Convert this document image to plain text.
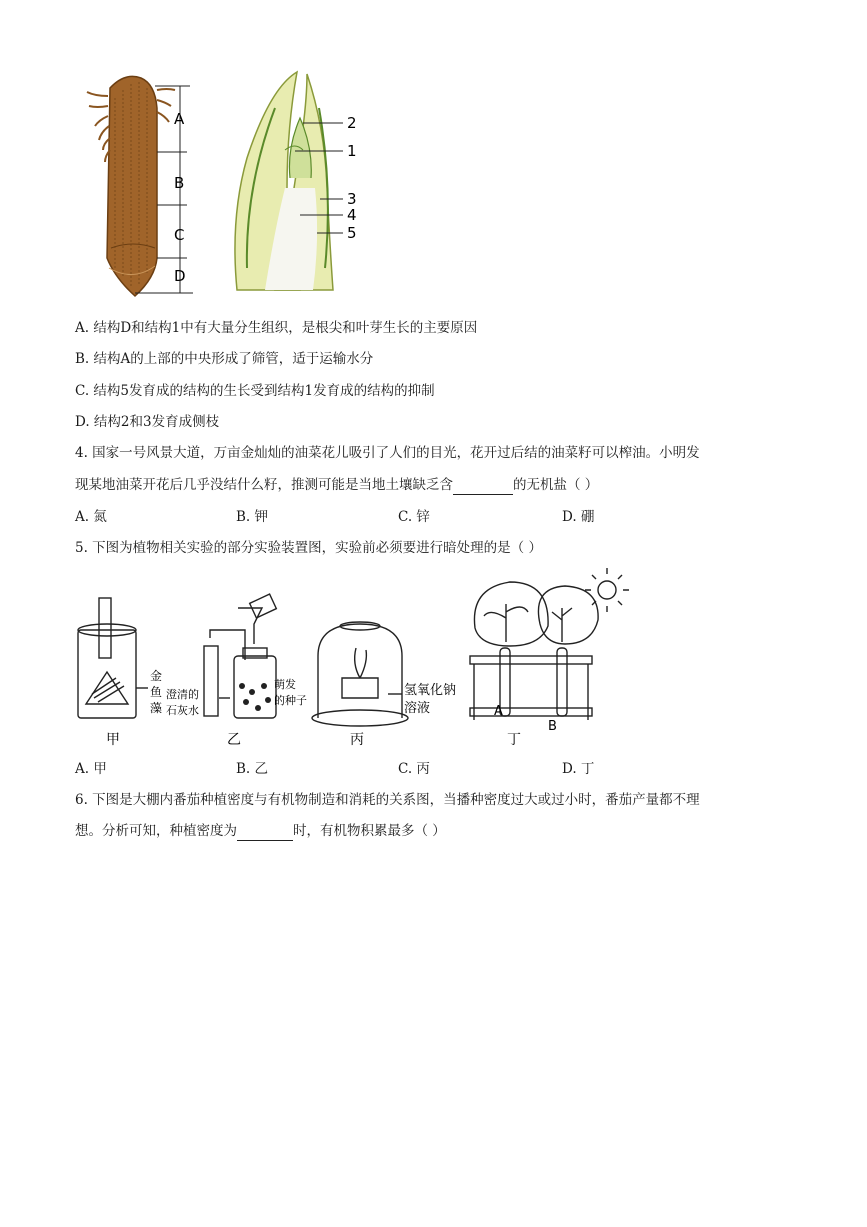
A
B
C
D
2
1
3
4
5
A. 结构D和结构1中有大量分生组织，是根尖和叶芽生长的主要原因
B. 结构A的上部的中央形成了筛管，适于运输水分
C. 结构5发育成的结构的生长受到结构1发育成的结构的抑制
D. 结构2和3发育成侧枝
4. 国家一号风景大道，万亩金灿灿的油菜花儿吸引了人们的目光，花开过后结的油菜籽可以榨油。小明发
现某地油菜开花后几乎没结什么籽，推测可能是当地土壤缺乏含	的无机盐（ ）
A. 氮	B. 钾	C. 锌	D. 硼
5. 下图为植物相关实验的部分实验装置图，实验前必须要进行暗处理的是（ ）
金
鱼
藻
澄清的
石灰水
萌发
的种子
氢氧化钠
溶液	A
B
甲	乙	丙	丁
A. 甲	B. 乙	C. 丙	D. 丁
6. 下图是大棚内番茄种植密度与有机物制造和消耗的关系图，当播种密度过大或过小时，番茄产量都不理
想。分析可知，种植密度为	时，有机物积累最多（ ）
